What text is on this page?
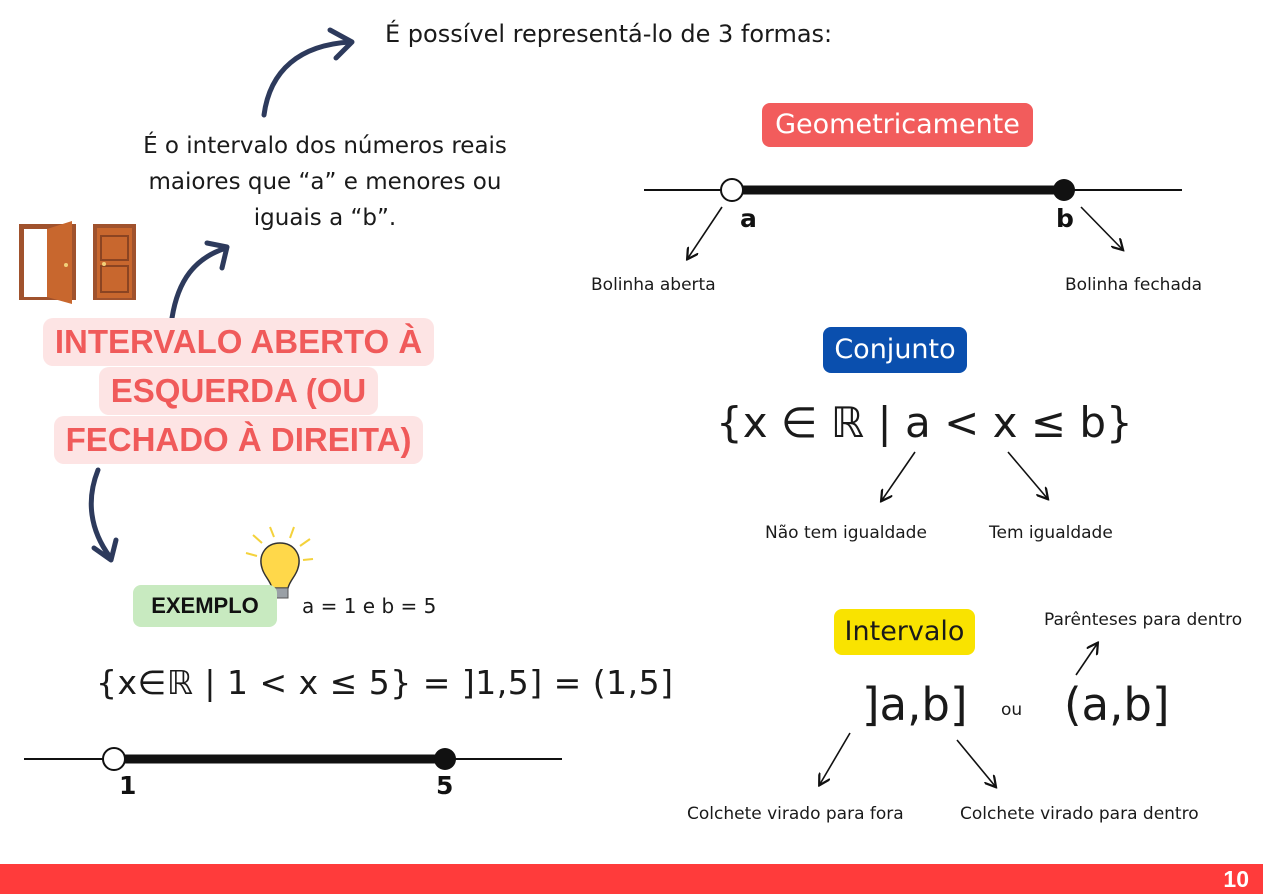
É possível representá-lo de 3 formas:
É o intervalo dos números reais
maiores que “a” e menores ou
iguais a “b”.
INTERVALO ABERTO À
ESQUERDA (OU
FECHADO À DIREITA)
EXEMPLO	a = 1 e b = 5
{x∈ℝ | 1 < x ≤ 5} = ]1,5] = (1,5]
1	5
Geometricamente
a	b
Bolinha aberta	Bolinha fechada
Conjunto
{x ∈ ℝ | a < x ≤ b}
Não tem igualdade	Tem igualdade
Intervalo	Parênteses para dentro
]a,b] ou (a,b]
Colchete virado para fora	Colchete virado para dentro
10
